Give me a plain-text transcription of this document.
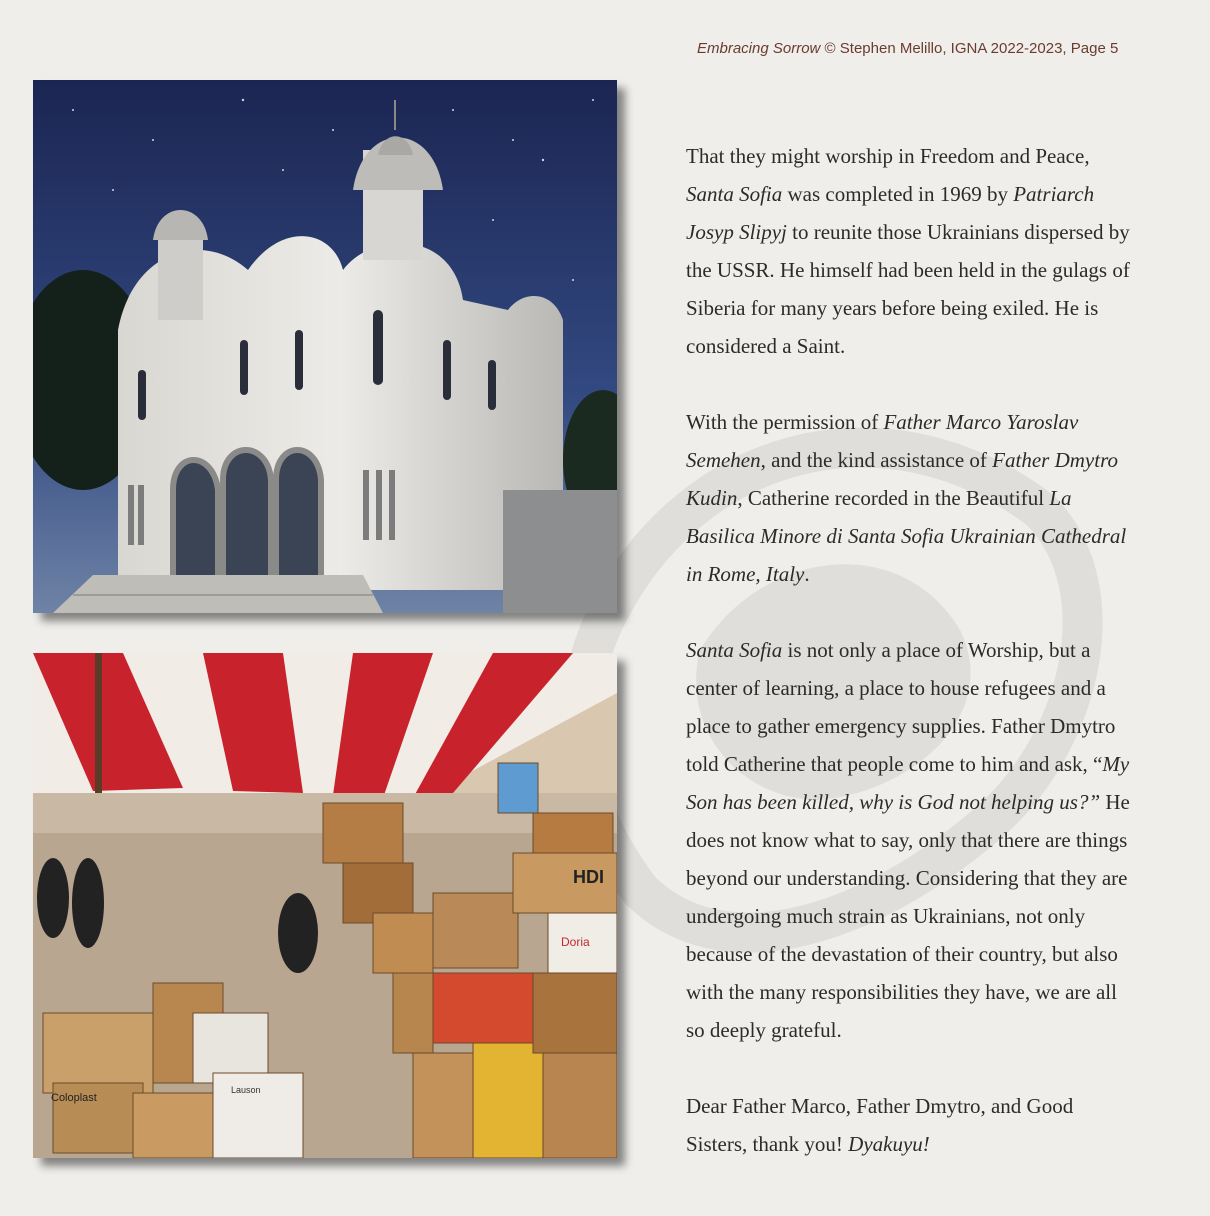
Embracing Sorrow © Stephen Melillo, IGNA 2022-2023, Page 5
Doria
HDI
Coloplast
Lauson

That they might worship in Freedom and Peace, Santa Sofia was completed in 1969 by Patriarch Josyp Slipyj to reunite those Ukrainians dispersed by the USSR. He himself had been held in the gulags of Siberia for many years before being exiled. He is considered a Saint.

With the permission of Father Marco Yaroslav Semehen, and the kind assistance of Father Dmytro Kudin, Catherine recorded in the Beautiful La Basilica Minore di Santa Sofia Ukrainian Cathedral in Rome, Italy.

Santa Sofia is not only a place of Worship, but a center of learning, a place to house refugees and a place to gather emergency supplies. Father Dmytro told Catherine that people come to him and ask, “My Son has been killed, why is God not helping us?” He does not know what to say, only that there are things beyond our understanding. Considering that they are undergoing much strain as Ukrainians, not only because of the devastation of their country, but also with the many responsibilities they have, we are all so deeply grateful.

Dear Father Marco, Father Dmytro, and Good Sisters, thank you! Dyakuyu!
